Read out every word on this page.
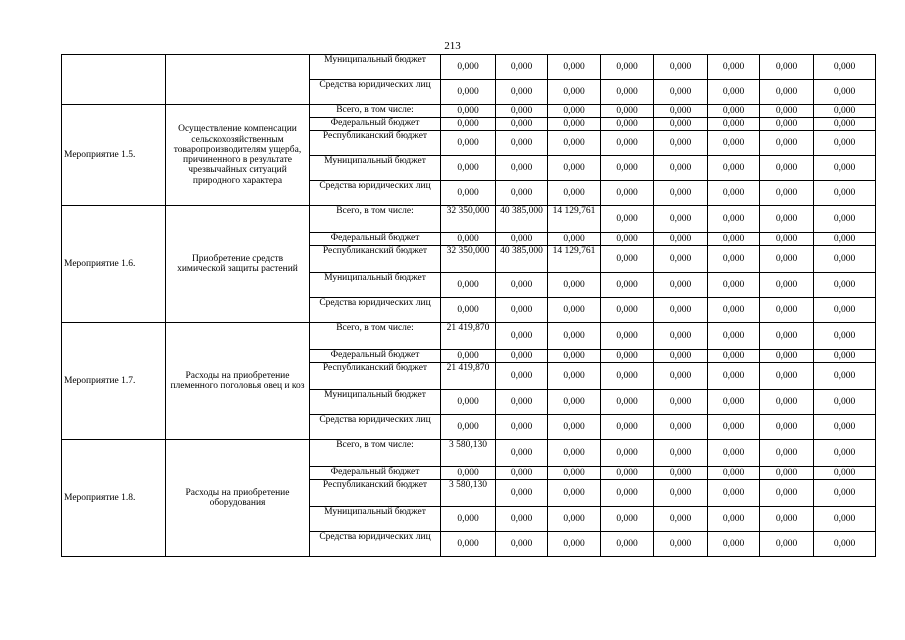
213
		Муниципальный бюджет	0,000	0,000	0,000	0,000	0,000	0,000	0,000	0,000
		Средства юридических лиц	0,000	0,000	0,000	0,000	0,000	0,000	0,000	0,000
Мероприятие 1.5.	Осуществление компенсации сельскохозяйственным товаропроизводителям ущерба, причиненного в результате чрезвычайных ситуаций природного характера	Всего, в том числе:	0,000	0,000	0,000	0,000	0,000	0,000	0,000	0,000
		Федеральный бюджет	0,000	0,000	0,000	0,000	0,000	0,000	0,000	0,000
		Республиканский бюджет	0,000	0,000	0,000	0,000	0,000	0,000	0,000	0,000
		Муниципальный бюджет	0,000	0,000	0,000	0,000	0,000	0,000	0,000	0,000
		Средства юридических лиц	0,000	0,000	0,000	0,000	0,000	0,000	0,000	0,000
Мероприятие 1.6.	Приобретение средств химической защиты растений	Всего, в том числе:	32 350,000	40 385,000	14 129,761	0,000	0,000	0,000	0,000	0,000
		Федеральный бюджет	0,000	0,000	0,000	0,000	0,000	0,000	0,000	0,000
		Республиканский бюджет	32 350,000	40 385,000	14 129,761	0,000	0,000	0,000	0,000	0,000
		Муниципальный бюджет	0,000	0,000	0,000	0,000	0,000	0,000	0,000	0,000
		Средства юридических лиц	0,000	0,000	0,000	0,000	0,000	0,000	0,000	0,000
Мероприятие 1.7.	Расходы на приобретение племенного поголовья овец и коз	Всего, в том числе:	21 419,870	0,000	0,000	0,000	0,000	0,000	0,000	0,000
		Федеральный бюджет	0,000	0,000	0,000	0,000	0,000	0,000	0,000	0,000
		Республиканский бюджет	21 419,870	0,000	0,000	0,000	0,000	0,000	0,000	0,000
		Муниципальный бюджет	0,000	0,000	0,000	0,000	0,000	0,000	0,000	0,000
		Средства юридических лиц	0,000	0,000	0,000	0,000	0,000	0,000	0,000	0,000
Мероприятие 1.8.	Расходы на приобретение оборудования	Всего, в том числе:	3 580,130	0,000	0,000	0,000	0,000	0,000	0,000	0,000
		Федеральный бюджет	0,000	0,000	0,000	0,000	0,000	0,000	0,000	0,000
		Республиканский бюджет	3 580,130	0,000	0,000	0,000	0,000	0,000	0,000	0,000
		Муниципальный бюджет	0,000	0,000	0,000	0,000	0,000	0,000	0,000	0,000
		Средства юридических лиц	0,000	0,000	0,000	0,000	0,000	0,000	0,000	0,000
